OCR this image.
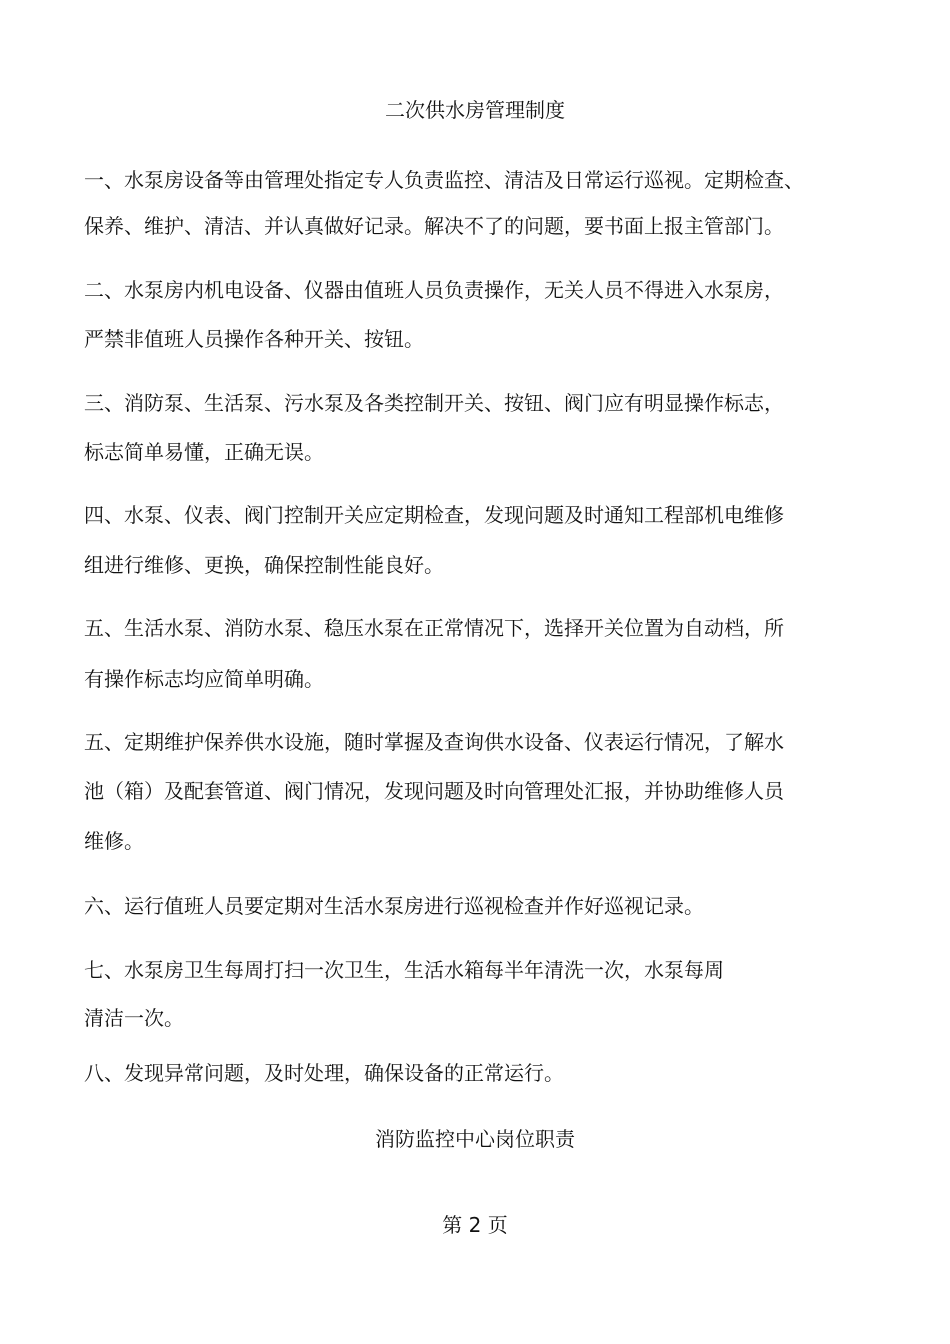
二次供水房管理制度
一、水泵房设备等由管理处指定专人负责监控、清洁及日常运行巡视。定期检查、
保养、维护、清洁、并认真做好记录。解决不了的问题，要书面上报主管部门。
二、水泵房内机电设备、仪器由值班人员负责操作，无关人员不得进入水泵房，
严禁非值班人员操作各种开关、按钮。
三、消防泵、生活泵、污水泵及各类控制开关、按钮、阀门应有明显操作标志，
标志简单易懂，正确无误。
四、水泵、仪表、阀门控制开关应定期检查，发现问题及时通知工程部机电维修
组进行维修、更换，确保控制性能良好。
五、生活水泵、消防水泵、稳压水泵在正常情况下，选择开关位置为自动档，所
有操作标志均应简单明确。
五、定期维护保养供水设施，随时掌握及查询供水设备、仪表运行情况，了解水
池（箱）及配套管道、阀门情况，发现问题及时向管理处汇报，并协助维修人员
维修。
六、运行值班人员要定期对生活水泵房进行巡视检查并作好巡视记录。
七、水泵房卫生每周打扫一次卫生，生活水箱每半年清洗一次，水泵每周
清洁一次。
八、发现异常问题，及时处理，确保设备的正常运行。
消防监控中心岗位职责
第 2 页
